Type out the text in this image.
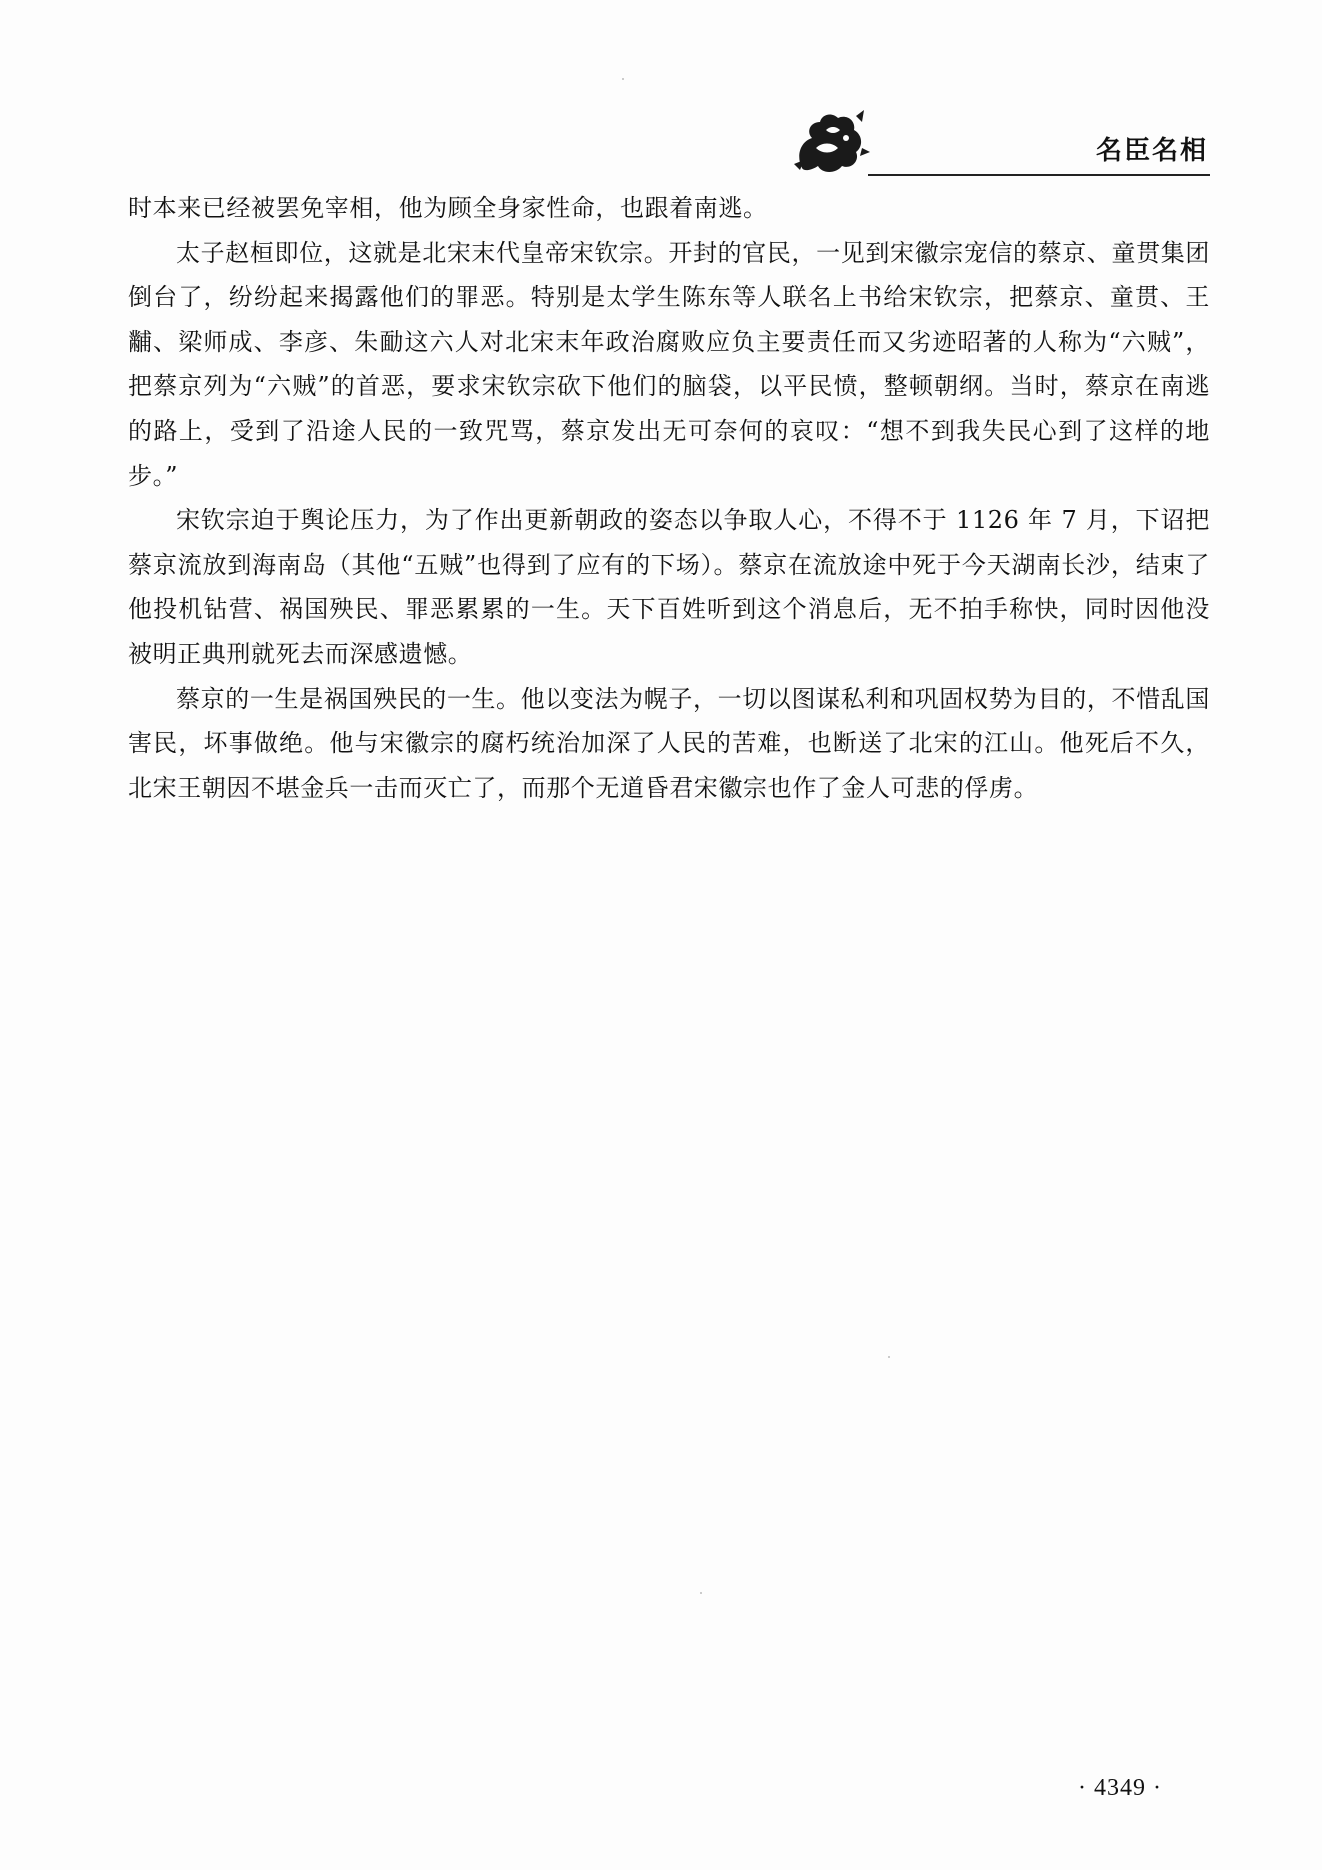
名臣名相

时本来已经被罢免宰相，他为顾全身家性命，也跟着南逃。

太子赵桓即位，这就是北宋末代皇帝宋钦宗。开封的官民，一见到宋徽宗宠信的蔡京、童贯集团倒台了，纷纷起来揭露他们的罪恶。特别是太学生陈东等人联名上书给宋钦宗，把蔡京、童贯、王黼、梁师成、李彦、朱勔这六人对北宋末年政治腐败应负主要责任而又劣迹昭著的人称为“六贼”，把蔡京列为“六贼”的首恶，要求宋钦宗砍下他们的脑袋，以平民愤，整顿朝纲。当时，蔡京在南逃的路上，受到了沿途人民的一致咒骂，蔡京发出无可奈何的哀叹：“想不到我失民心到了这样的地步。”

宋钦宗迫于舆论压力，为了作出更新朝政的姿态以争取人心，不得不于 1126 年 7 月，下诏把蔡京流放到海南岛（其他“五贼”也得到了应有的下场）。蔡京在流放途中死于今天湖南长沙，结束了他投机钻营、祸国殃民、罪恶累累的一生。天下百姓听到这个消息后，无不拍手称快，同时因他没被明正典刑就死去而深感遗憾。

蔡京的一生是祸国殃民的一生。他以变法为幌子，一切以图谋私利和巩固权势为目的，不惜乱国害民，坏事做绝。他与宋徽宗的腐朽统治加深了人民的苦难，也断送了北宋的江山。他死后不久，北宋王朝因不堪金兵一击而灭亡了，而那个无道昏君宋徽宗也作了金人可悲的俘虏。

· 4349 ·
